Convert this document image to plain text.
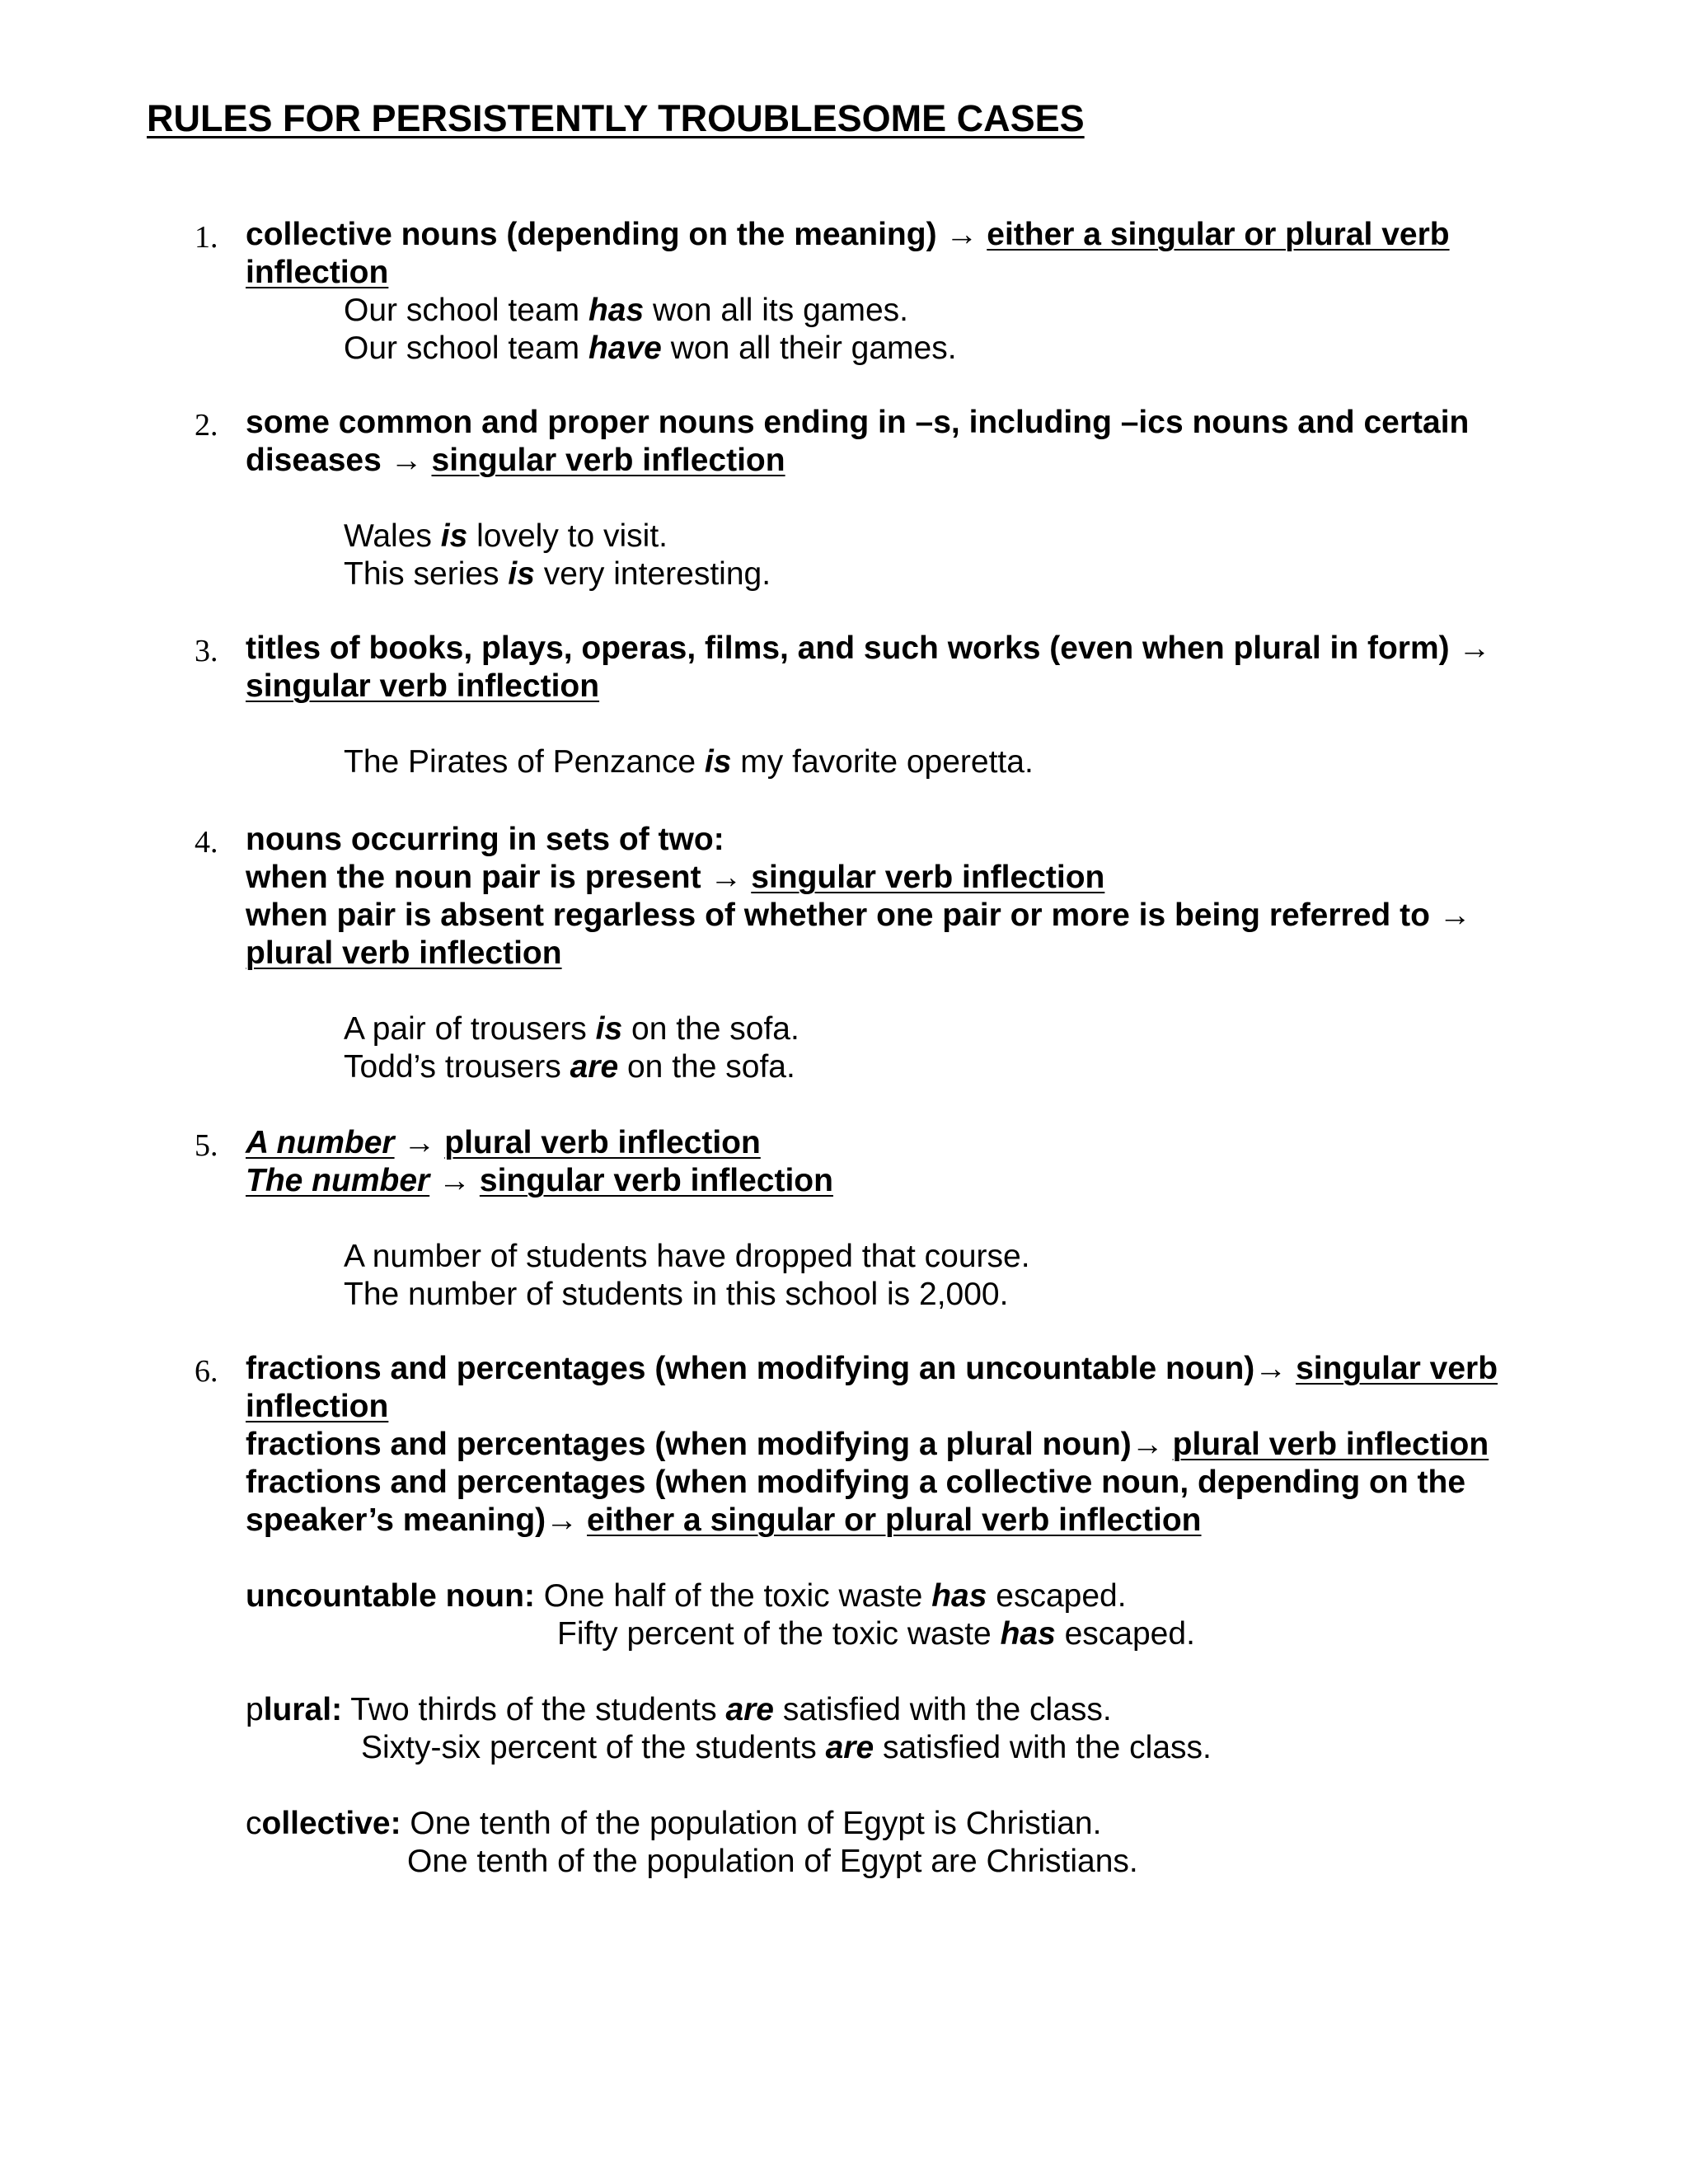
RULES FOR PERSISTENTLY TROUBLESOME CASES
1. collective nouns (depending on the meaning) → either a singular or plural verb
inflection
Our school team has won all its games.
Our school team have won all their games.
2. some common and proper nouns ending in –s, including –ics nouns and certain
diseases → singular verb inflection
Wales is lovely to visit.
This series is very interesting.
3. titles of books, plays, operas, films, and such works (even when plural in form) →
singular verb inflection
The Pirates of Penzance is my favorite operetta.
4. nouns occurring in sets of two:
when the noun pair is present → singular verb inflection
when pair is absent regarless of whether one pair or more is being referred to →
plural verb inflection
A pair of trousers is on the sofa.
Todd’s trousers are on the sofa.
5. A number → plural verb inflection
The number → singular verb inflection
A number of students have dropped that course.
The number of students in this school is 2,000.
6. fractions and percentages (when modifying an uncountable noun)→ singular verb
inflection
fractions and percentages (when modifying a plural noun)→ plural verb inflection
fractions and percentages (when modifying a collective noun, depending on the
speaker’s meaning)→ either a singular or plural verb inflection
uncountable noun: One half of the toxic waste has escaped.
Fifty percent of the toxic waste has escaped.
plural: Two thirds of the students are satisfied with the class.
Sixty-six percent of the students are satisfied with the class.
collective: One tenth of the population of Egypt is Christian.
One tenth of the population of Egypt are Christians.
